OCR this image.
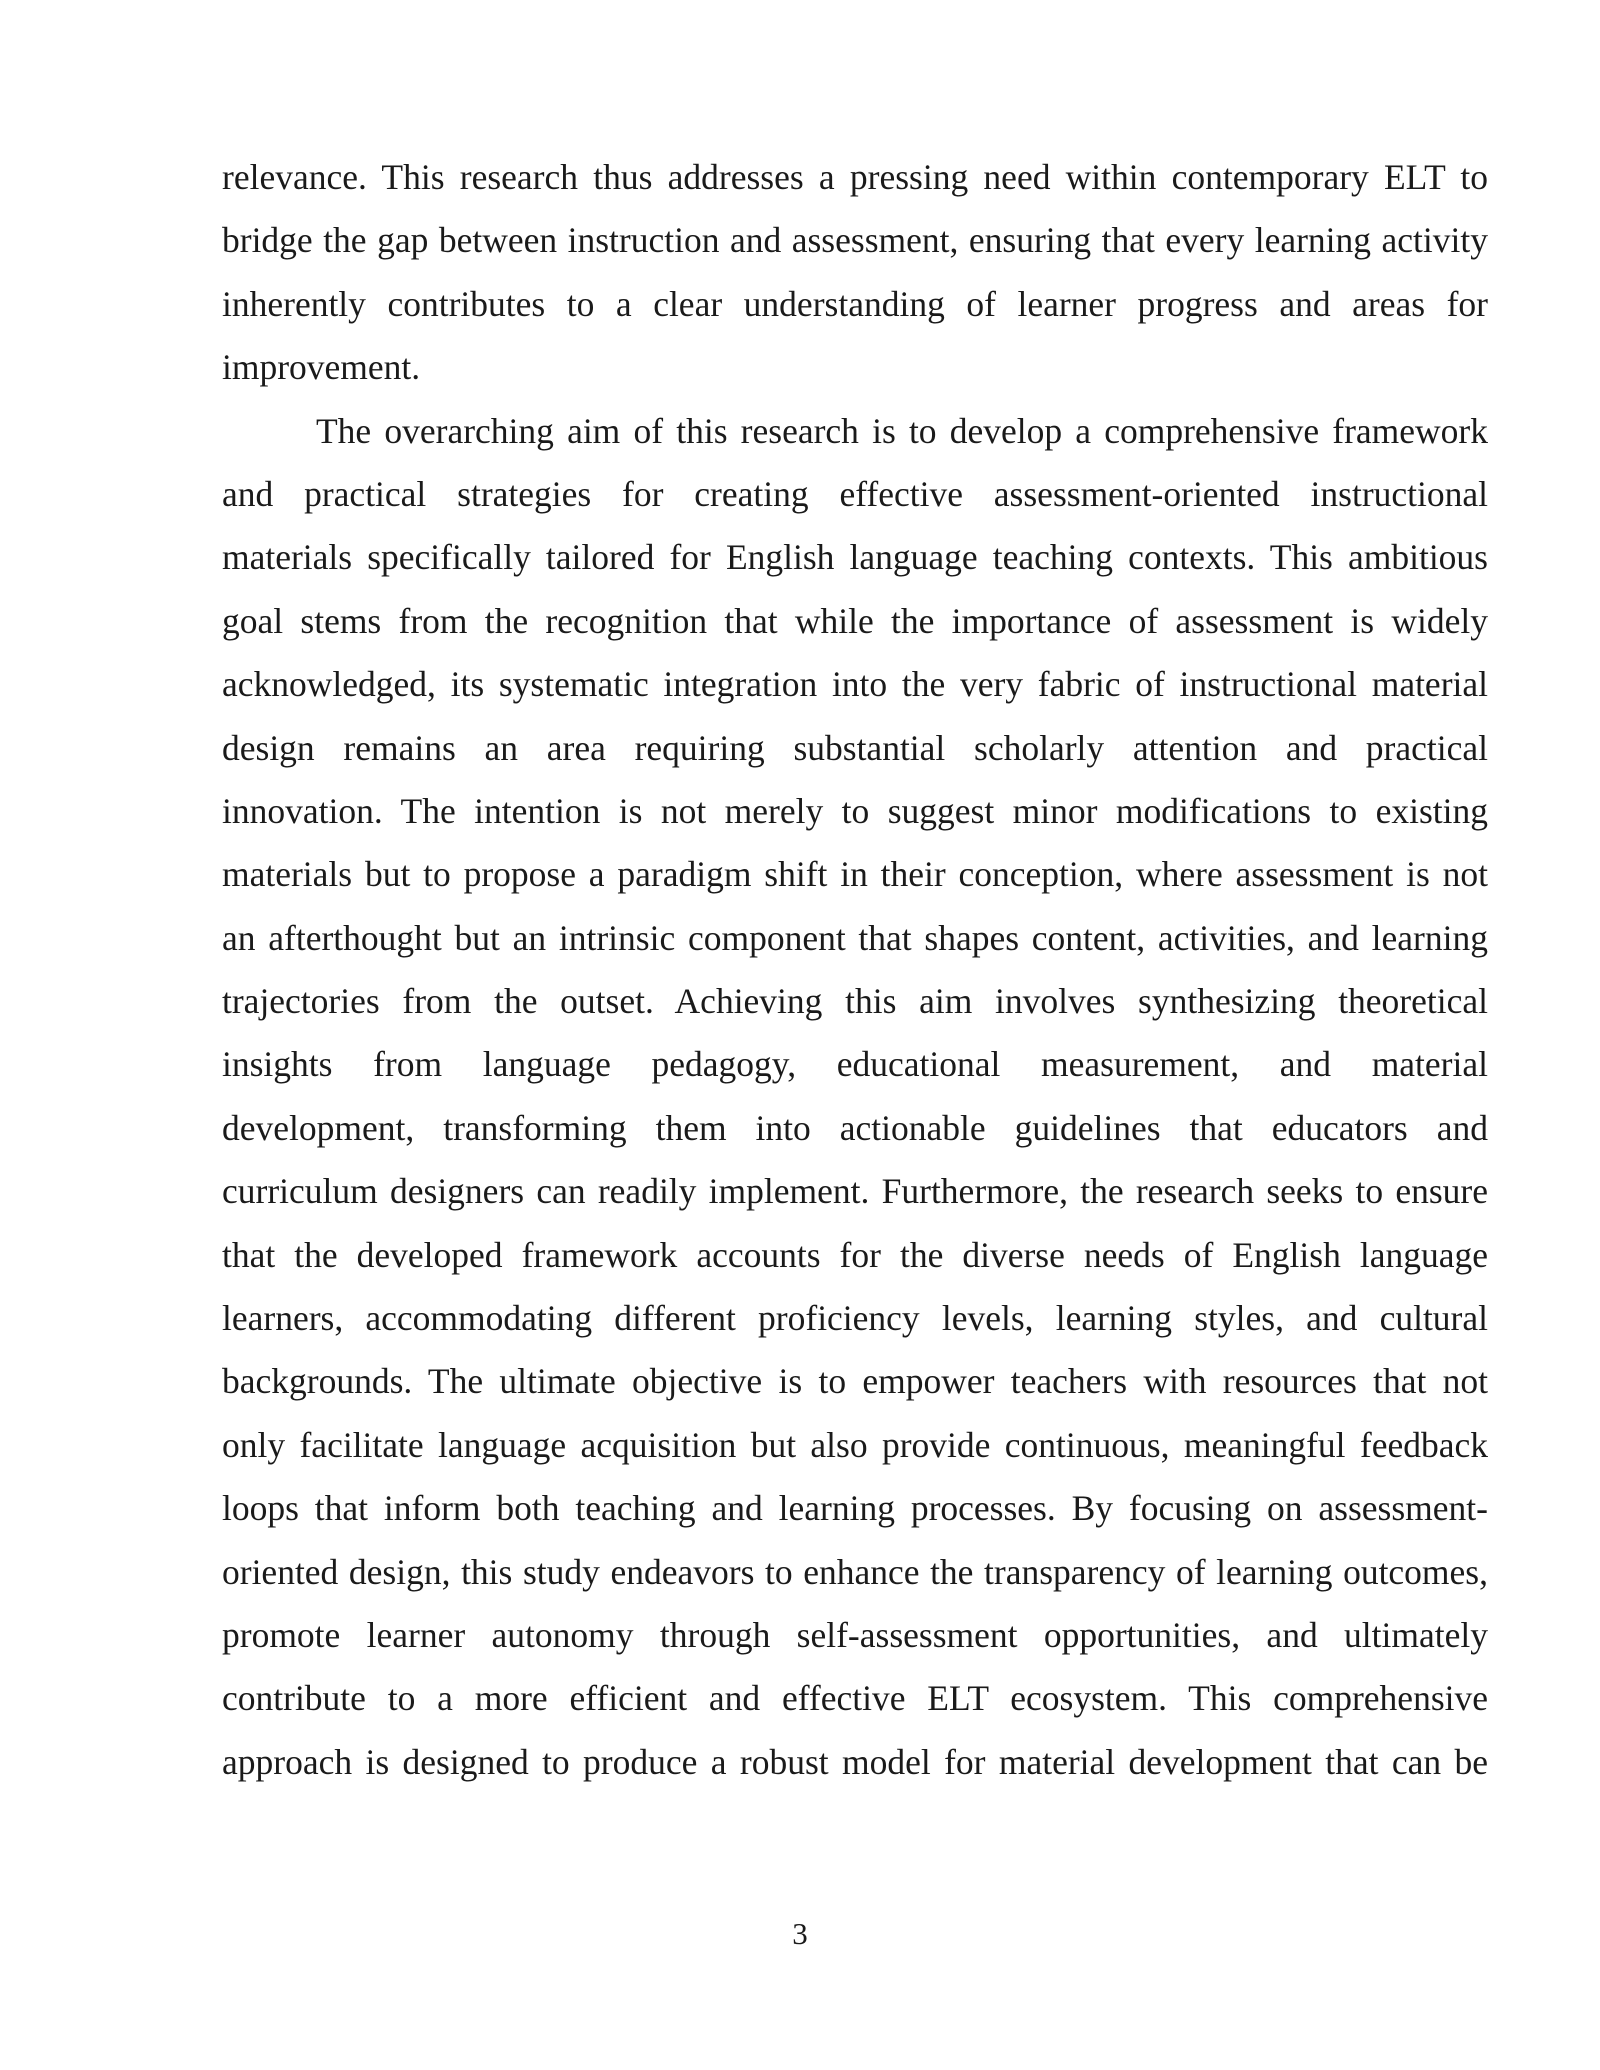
relevance. This research thus addresses a pressing need within contemporary ELT to
bridge the gap between instruction and assessment, ensuring that every learning activity
inherently contributes to a clear understanding of learner progress and areas for
improvement.
The overarching aim of this research is to develop a comprehensive framework
and practical strategies for creating effective assessment-oriented instructional
materials specifically tailored for English language teaching contexts. This ambitious
goal stems from the recognition that while the importance of assessment is widely
acknowledged, its systematic integration into the very fabric of instructional material
design remains an area requiring substantial scholarly attention and practical
innovation. The intention is not merely to suggest minor modifications to existing
materials but to propose a paradigm shift in their conception, where assessment is not
an afterthought but an intrinsic component that shapes content, activities, and learning
trajectories from the outset. Achieving this aim involves synthesizing theoretical
insights from language pedagogy, educational measurement, and material
development, transforming them into actionable guidelines that educators and
curriculum designers can readily implement. Furthermore, the research seeks to ensure
that the developed framework accounts for the diverse needs of English language
learners, accommodating different proficiency levels, learning styles, and cultural
backgrounds. The ultimate objective is to empower teachers with resources that not
only facilitate language acquisition but also provide continuous, meaningful feedback
loops that inform both teaching and learning processes. By focusing on assessment-
oriented design, this study endeavors to enhance the transparency of learning outcomes,
promote learner autonomy through self-assessment opportunities, and ultimately
contribute to a more efficient and effective ELT ecosystem. This comprehensive
approach is designed to produce a robust model for material development that can be
3
